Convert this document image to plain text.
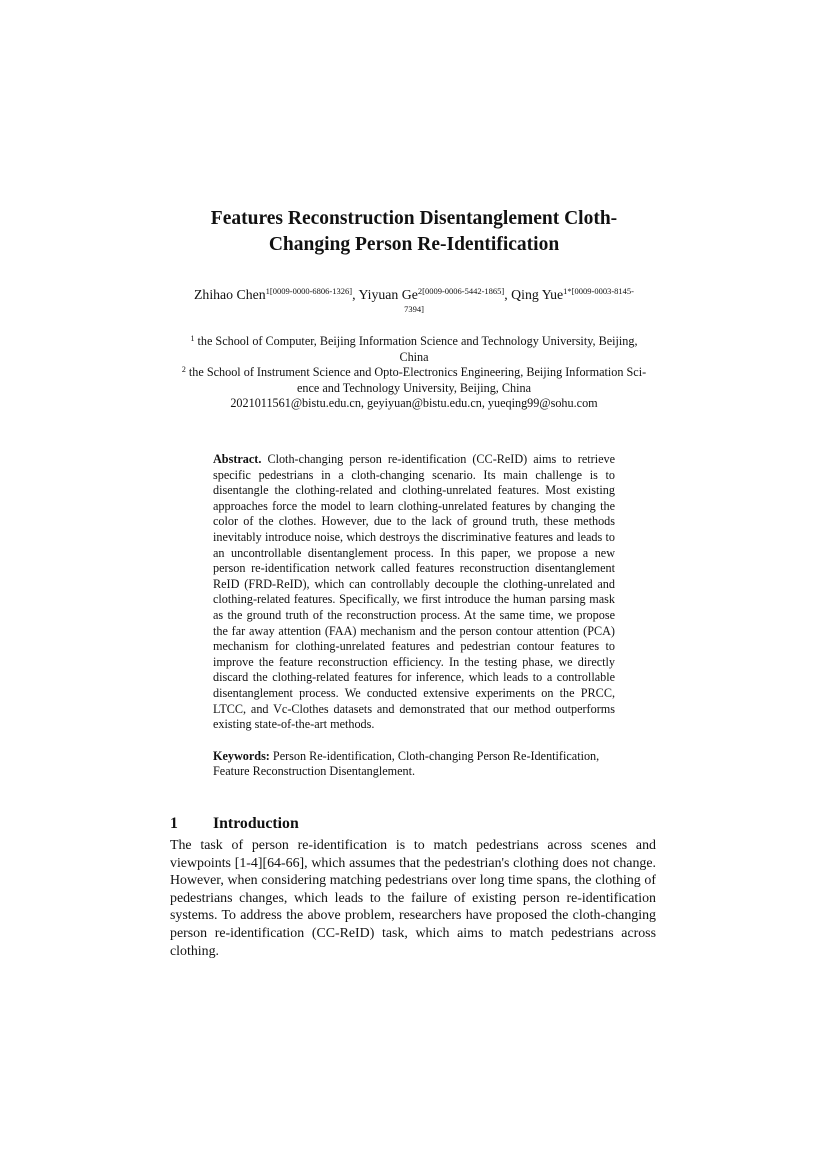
Features Reconstruction Disentanglement Cloth-
Changing Person Re-Identification
Zhihao Chen$^{1[0009-0000-6806-1326]}$, Yiyuan $Ge^{2[0009-0006-5442-1865]}$, Qing Yue$^{1*[0009-0003-8145-}$
7394]
$^1$ the School of Computer, Beijing Information Science and Technology University, Beijing,
China
$^2$ the School of Instrument Science and Opto-Electronics Engineering, Beijing Information Sci-
ence and Technology University, Beijing, China
2021011561@bistu.edu.cn, geyiyuan@bistu.edu.cn, yueqing99@sohu.com

Abstract. Cloth-changing person re-identification (CC-ReID) aims to retrieve specific pedestrians in a cloth-changing scenario. Its main challenge is to disentangle the clothing-related and clothing-unrelated features. Most existing approaches force the model to learn clothing-unrelated features by changing the color of the clothes. However, due to the lack of ground truth, these methods inevitably introduce noise, which destroys the discriminative features and leads to an uncontrollable disentanglement process. In this paper, we propose a new person re-identification network called features reconstruction disentanglement ReID (FRD-ReID), which can controllably decouple the clothing-unrelated and clothing-related features. Specifically, we first introduce the human parsing mask as the ground truth of the reconstruction process. At the same time, we propose the far away attention (FAA) mechanism and the person contour attention (PCA) mechanism for clothing-unrelated features and pedestrian contour features to improve the feature reconstruction efficiency. In the testing phase, we directly discard the clothing-related features for inference, which leads to a controllable disentanglement process. We conducted extensive experiments on the PRCC, LTCC, and Vc-Clothes datasets and demonstrated that our method outperforms existing state-of-the-art methods.

Keywords: Person Re-identification, Cloth-changing Person Re-Identification, Feature Reconstruction Disentanglement.

1 Introduction

The task of person re-identification is to match pedestrians across scenes and viewpoints [1-4][64-66], which assumes that the pedestrian's clothing does not change. However, when considering matching pedestrians over long time spans, the clothing of pedestrians changes, which leads to the failure of existing person re-identification systems. To address the above problem, researchers have proposed the cloth-changing person re-identification (CC-ReID) task, which aims to match pedestrians across clothing.
